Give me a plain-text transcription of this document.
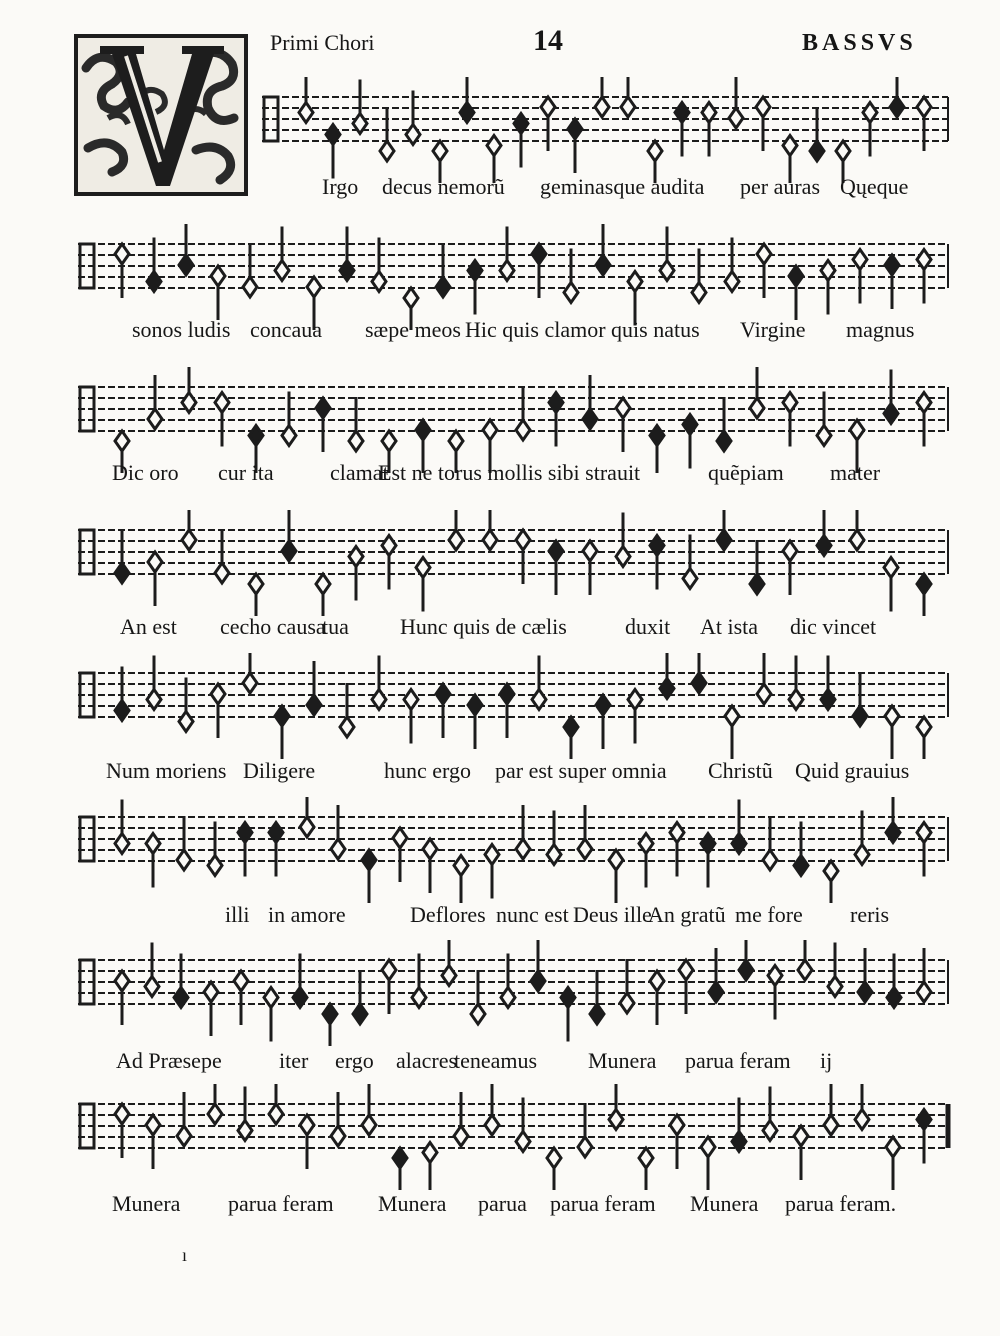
Primi Chori	14	BASSVS
Irgo decus nemorũ geminasque audita per auras Qųeque
sonos ludis concaua sæpe meos Hic quis clamor quis natus Virgine magnus
Dic oro cur ita	clamat
Est ne torus mollis sibi strauit	quẽpiam mater
An est cecho causa
tua Hunc quis de cælis	duxit At ista dic vincet
Num moriens Diligere	hunc ergo par est super omnia Christũ Quid grauius
illi in amore	Deflores nunc est Deus ille
An gratũ me fore reris
Ad Præsepe	iter ergo alacres
teneamus Munera parua feram ij
Munera parua feram Munera parua parua feram Munera parua feram.
ı
